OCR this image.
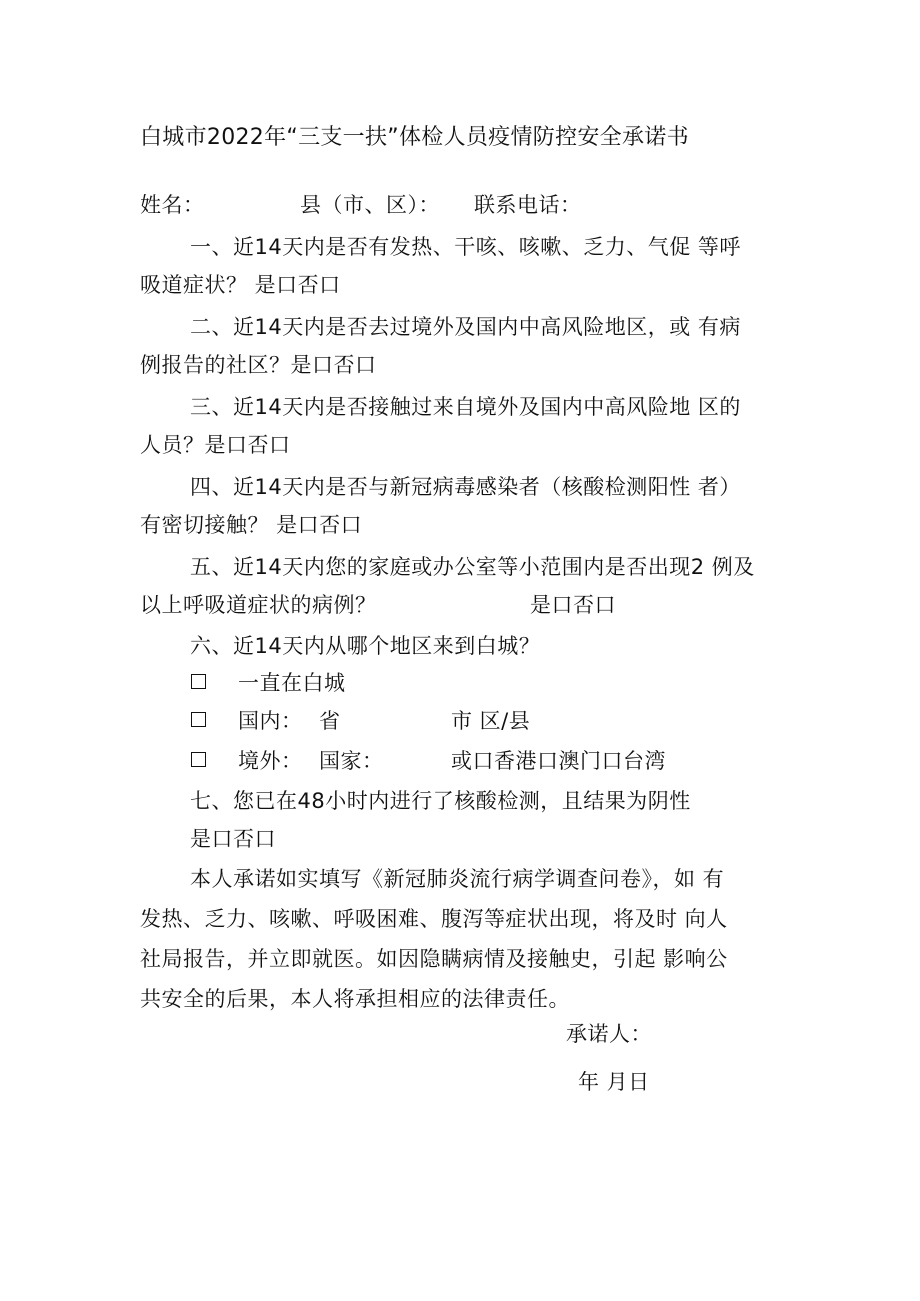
白城市2022年“三支一扶”体检人员疫情防控安全承诺书
姓名：	县（市、区）： 联系电话：
一、近14天内是否有发热、干咳、咳嗽、乏力、气促 等呼
吸道症状？ 是口否口
二、近14天内是否去过境外及国内中高风险地区，或 有病
例报告的社区？是口否口
三、近14天内是否接触过来自境外及国内中高风险地 区的
人员？是口否口
四、近14天内是否与新冠病毒感染者（核酸检测阳性 者）
有密切接触？ 是口否口
五、近14天内您的家庭或办公室等小范围内是否出现2 例及
以上呼吸道症状的病例？	是口否口
六、近14天内从哪个地区来到白城？
一直在白城
国内： 省	市 区/县
境外： 国家：	或口香港口澳门口台湾
七、您已在48小时内进行了核酸检测，且结果为阴性
是口否口
本人承诺如实填写《新冠肺炎流行病学调查问卷》，如 有
发热、乏力、咳嗽、呼吸困难、腹泻等症状出现，将及时 向人
社局报告，并立即就医。如因隐瞒病情及接触史，引起 影响公
共安全的后果，本人将承担相应的法律责任。
承诺人：
年 月日
